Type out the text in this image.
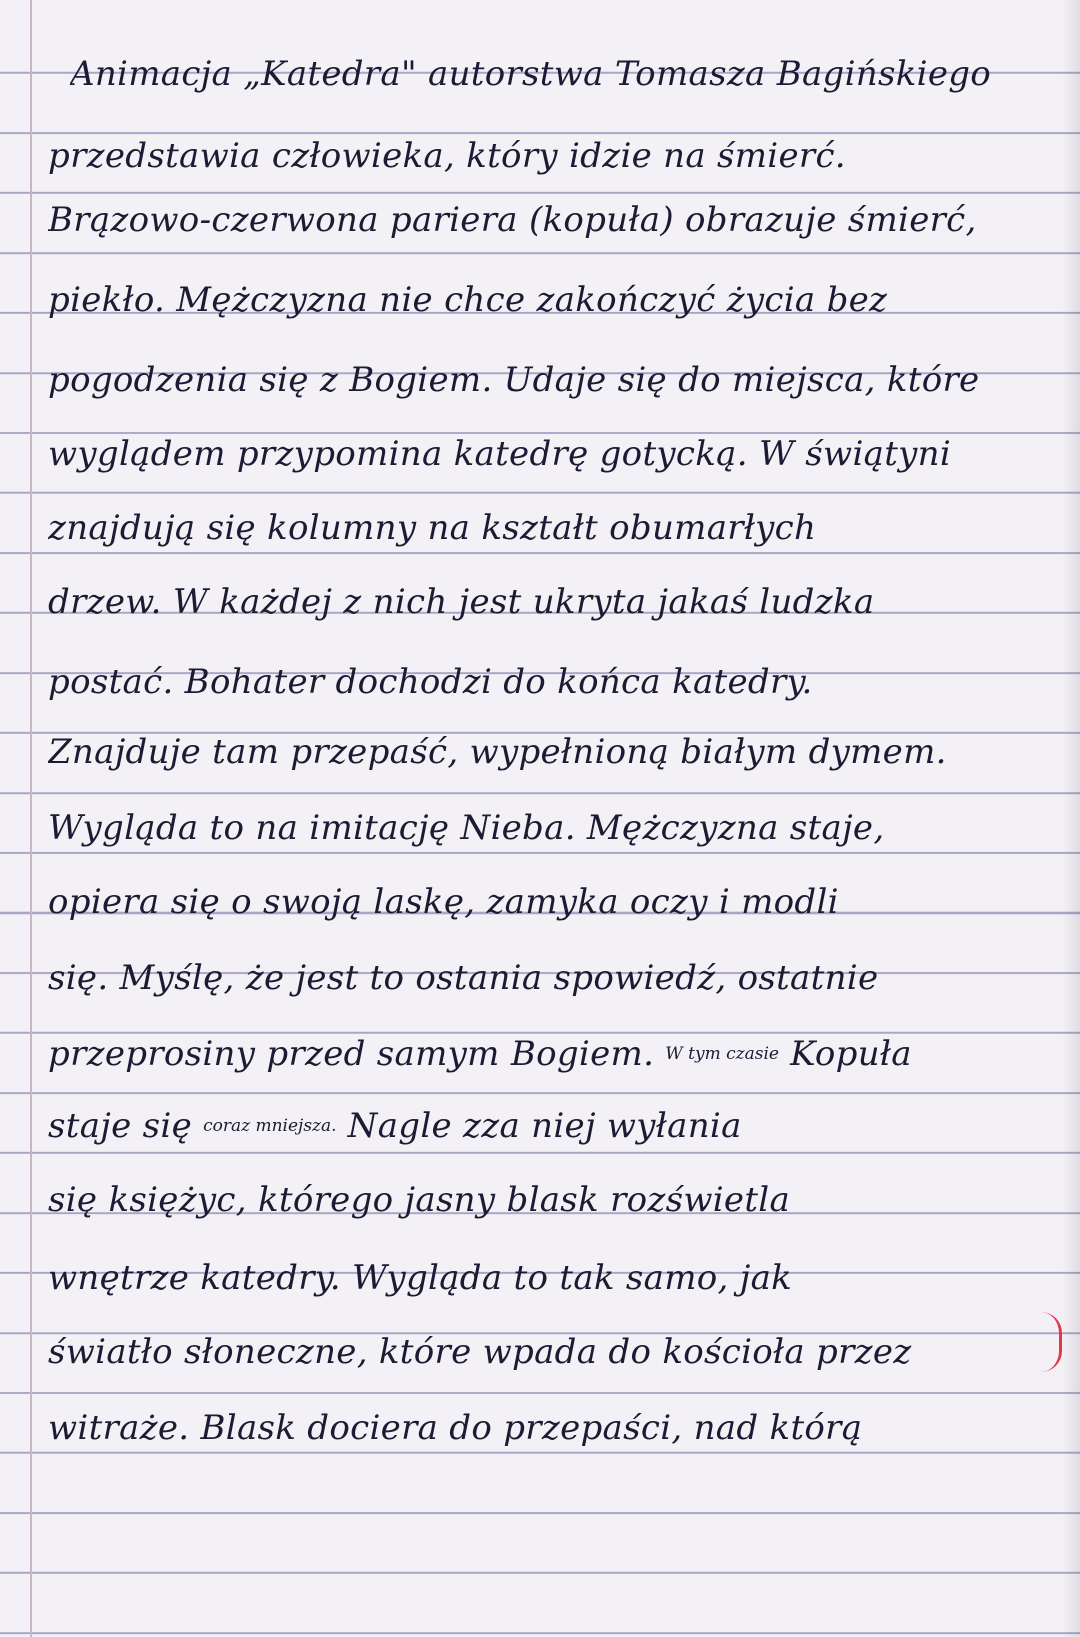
Animacja „Katedra" autorstwa Tomasza Bagińskiego
przedstawia człowieka, który idzie na śmierć.
Brązowo-czerwona pariera (kopuła) obrazuje śmierć,
piekło. Mężczyzna nie chce zakończyć życia bez
pogodzenia się z Bogiem. Udaje się do miejsca, które
wyglądem przypomina katedrę gotycką. W świątyni
znajdują się kolumny na kształt obumarłych
drzew. W każdej z nich jest ukryta jakaś ludzka
postać. Bohater dochodzi do końca katedry.
Znajduje tam przepaść, wypełnioną białym dymem.
Wygląda to na imitację Nieba. Mężczyzna staje,
opiera się o swoją laskę, zamyka oczy i modli
się. Myślę, że jest to ostania spowiedź, ostatnie
przeprosiny przed samym Bogiem. W tym czasie Kopuła
staje się coraz mniejsza. Nagle zza niej wyłania
się księżyc, którego jasny blask rozświetla
wnętrze katedry. Wygląda to tak samo, jak
światło słoneczne, które wpada do kościoła przez
witraże. Blask dociera do przepaści, nad którą
